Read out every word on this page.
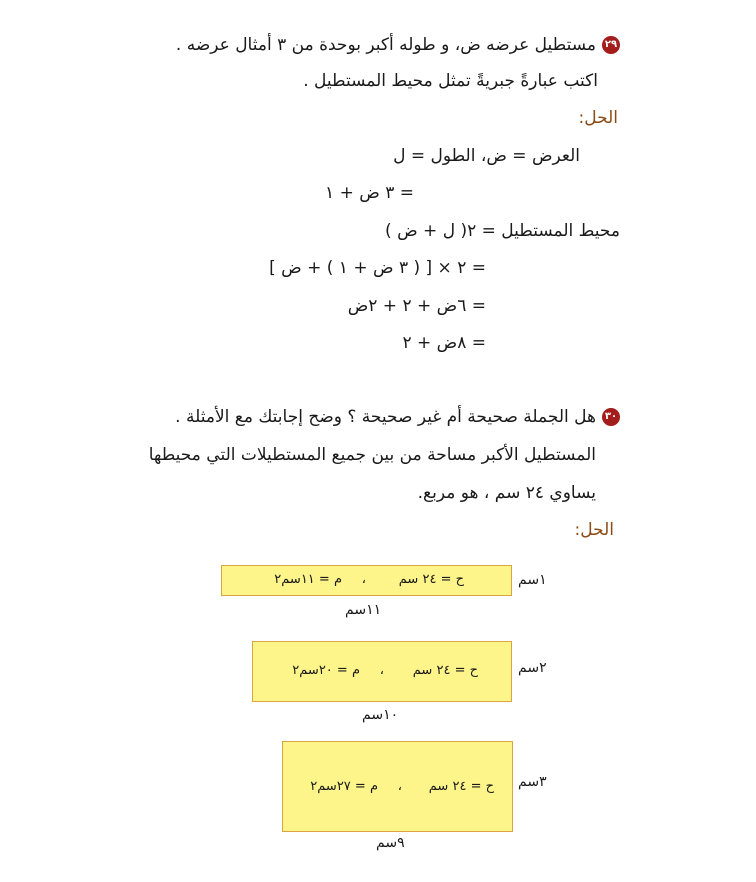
٢٩مستطيل عرضه ض، و طوله أكبر بوحدة من ٣ أمثال عرضه .
اكتب عبارةً جبريةً تمثل محيط المستطيل .
الحل:
العرض = ض، الطول = ل
= ٣ ض + ١
محيط المستطيل = ٢( ل + ض )
= ٢ × [ ( ٣ ض + ١ ) + ض ]
= ٦ض + ٢ + ٢ض
= ٨ض + ٢
٣٠هل الجملة صحيحة أم غير صحيحة ؟ وضح إجابتك مع الأمثلة .
المستطيل الأكبر مساحة من بين جميع المستطيلات التي محيطها
يساوي ٢٤ سم ، هو مربع.
الحل:
ح = ٢٤ سم
،
م = ١١سم٢	١سم
١١سم
ح = ٢٤ سم
،
م = ٢٠سم٢	٢سم
١٠سم
ح = ٢٤ سم
،
م = ٢٧سم٢	٣سم
٩سم
